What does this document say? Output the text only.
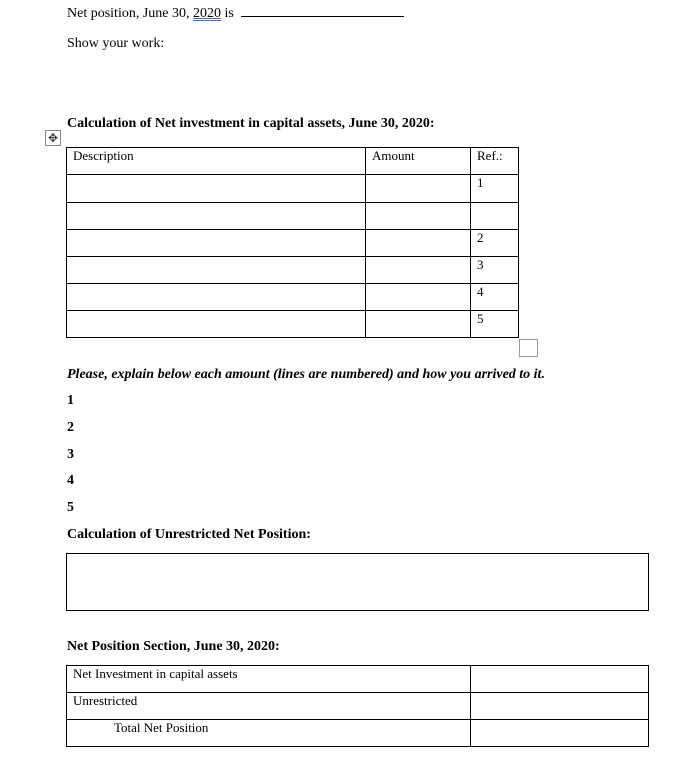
Net position, June 30, 2020 is
Show your work:
Calculation of Net investment in capital assets, June 30, 2020:
✥
Description	Amount	Ref.:
		1

		2
		3
		4
		5
Please, explain below each amount (lines are numbered) and how you arrived to it.
1
2
3
4
5
Calculation of Unrestricted Net Position:
Net Position Section, June 30, 2020:
Net Investment in capital assets	
Unrestricted	
Total Net Position	
